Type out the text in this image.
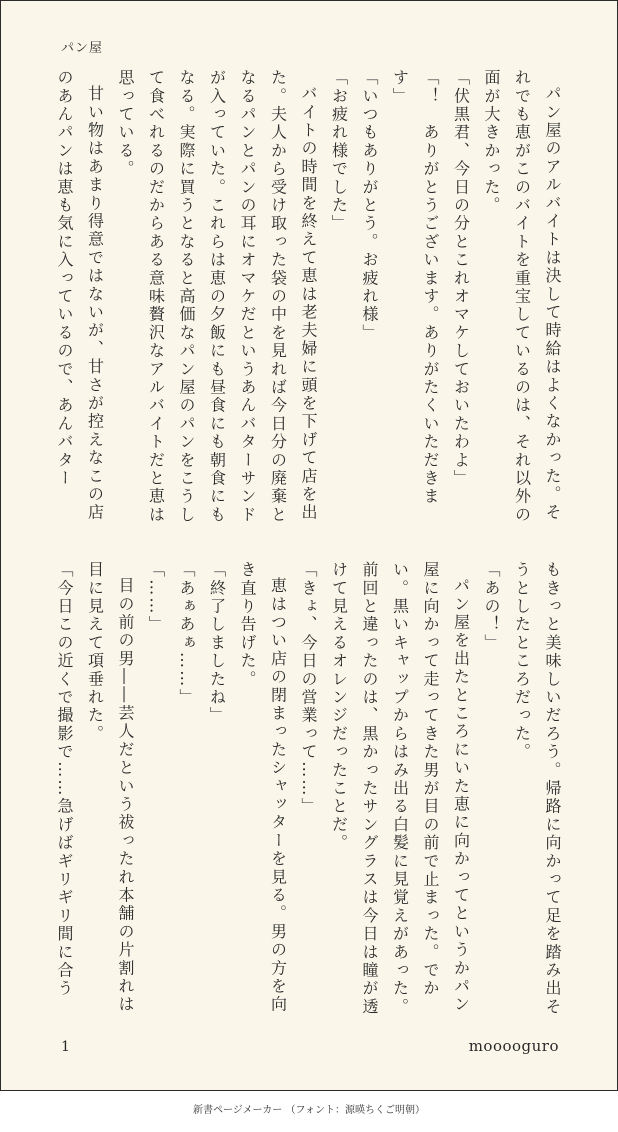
パン屋

パン屋のアルバイトは決して時給はよくなかった。それでも恵がこのバイトを重宝しているのは、それ以外の面が大きかった。

「伏黒君、今日の分とこれオマケしておいたわよ」

「！　ありがとうございます。ありがたくいただきます」

「いつもありがとう。お疲れ様」

「お疲れ様でした」

バイトの時間を終えて恵は老夫婦に頭を下げて店を出た。夫人から受け取った袋の中を見れば今日分の廃棄となるパンとパンの耳にオマケだというあんバターサンドが入っていた。これらは恵の夕飯にも昼食にも朝食にもなる。実際に買うとなると高価なパン屋のパンをこうして食べれるのだからある意味贅沢なアルバイトだと恵は思っている。

甘い物はあまり得意ではないが、甘さが控えなこの店のあんパンは恵も気に入っているので、あんバター

もきっと美味しいだろう。帰路に向かって足を踏み出そうとしたところだった。

「あの！」

パン屋を出たところにいた恵に向かってというかパン屋に向かって走ってきた男が目の前で止まった。でかい。黒いキャップからはみ出る白髪に見覚えがあった。前回と違ったのは、黒かったサングラスは今日は瞳が透けて見えるオレンジだったことだ。

「きょ、今日の営業って……」

恵はつい店の閉まったシャッターを見る。男の方を向き直り告げた。

「終了しましたね」

「あぁあぁ……」

「……」

目の前の男――芸人だという祓ったれ本舗の片割れは目に見えて項垂れた。

「今日この近くで撮影で……急げばギリギリ間に合う

1	mooooguro
新書ページメーカー （フォント：源暎ちくご明朝）
